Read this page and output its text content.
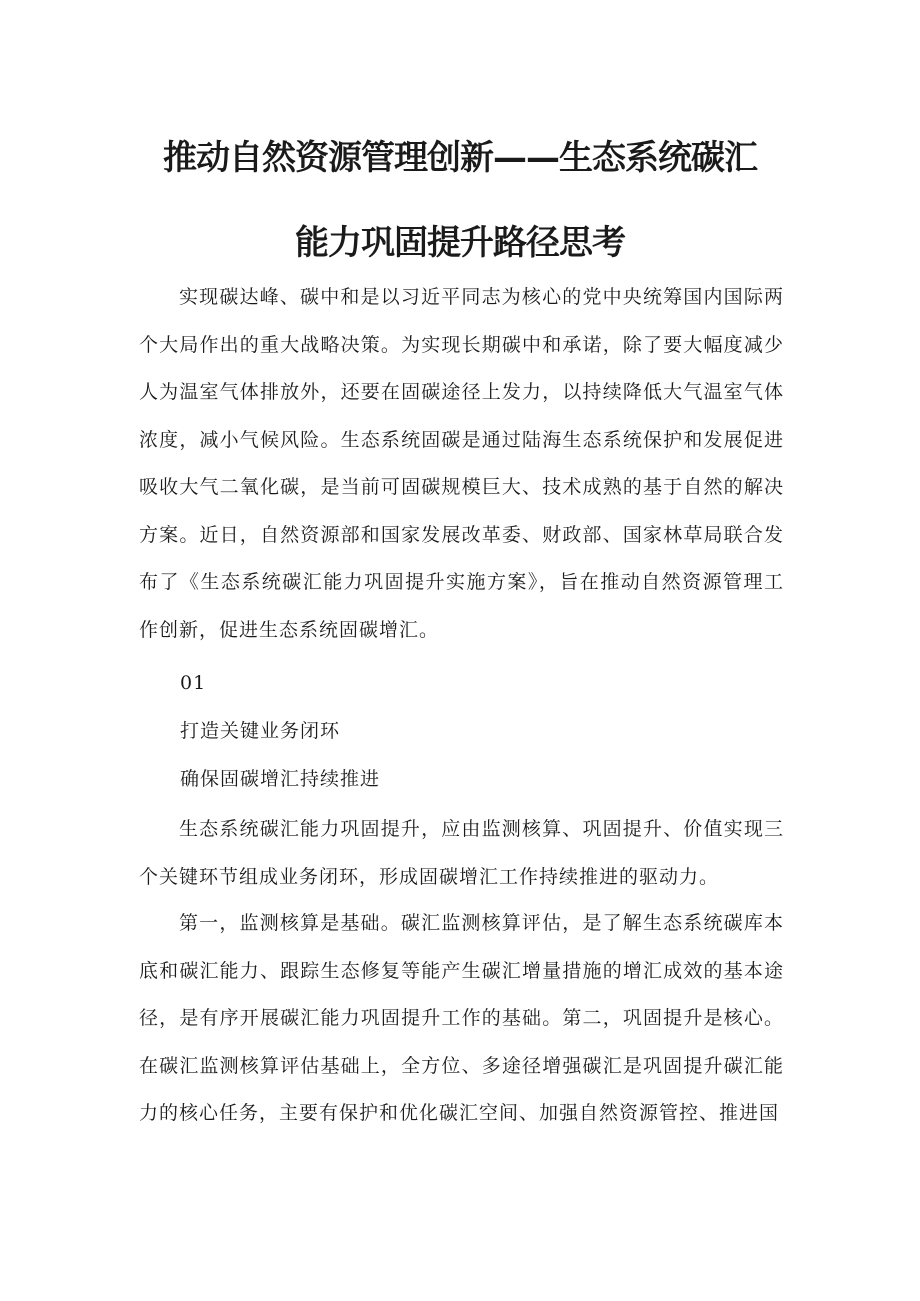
推动自然资源管理创新——生态系统碳汇
能力巩固提升路径思考

实现碳达峰、碳中和是以习近平同志为核心的党中央统筹国内国际两个大局作出的重大战略决策。为实现长期碳中和承诺，除了要大幅度减少人为温室气体排放外，还要在固碳途径上发力，以持续降低大气温室气体浓度，减小气候风险。生态系统固碳是通过陆海生态系统保护和发展促进吸收大气二氧化碳，是当前可固碳规模巨大、技术成熟的基于自然的解决方案。近日，自然资源部和国家发展改革委、财政部、国家林草局联合发布了《生态系统碳汇能力巩固提升实施方案》，旨在推动自然资源管理工作创新，促进生态系统固碳增汇。

01
打造关键业务闭环
确保固碳增汇持续推进

生态系统碳汇能力巩固提升，应由监测核算、巩固提升、价值实现三个关键环节组成业务闭环，形成固碳增汇工作持续推进的驱动力。

第一，监测核算是基础。碳汇监测核算评估，是了解生态系统碳库本底和碳汇能力、跟踪生态修复等能产生碳汇增量措施的增汇成效的基本途径，是有序开展碳汇能力巩固提升工作的基础。第二，巩固提升是核心。在碳汇监测核算评估基础上，全方位、多途径增强碳汇是巩固提升碳汇能力的核心任务，主要有保护和优化碳汇空间、加强自然资源管控、推进国
